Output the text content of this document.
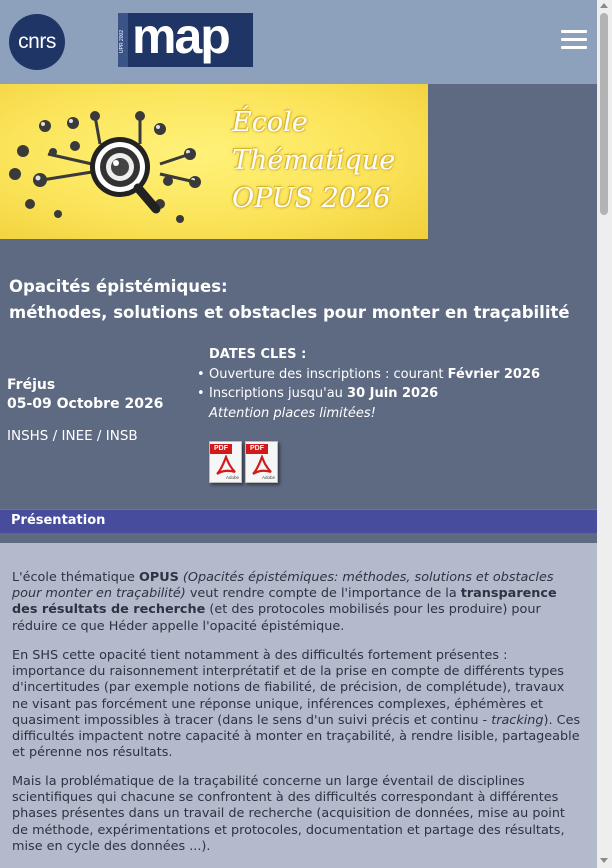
cnrs	UPR 2002 map
École
Thématique
OPUS 2026
Opacités épistémiques:
méthodes, solutions et obstacles pour monter en traçabilité
Fréjus
05-09 Octobre 2026
INSHS / INEE / INSB
DATES CLES :
• Ouverture des inscriptions : courant Février 2026
• Inscriptions jusqu'au 30 Juin 2026
Attention places limitées!
PDF
Adobe
PDF
Adobe
Présentation

L'école thématique OPUS (Opacités épistémiques: méthodes, solutions et obstacles pour monter en traçabilité) veut rendre compte de l'importance de la transparence des résultats de recherche (et des protocoles mobilisés pour les produire) pour réduire ce que Héder appelle l'opacité épistémique.

En SHS cette opacité tient notamment à des difficultés fortement présentes : importance du raisonnement interprétatif et de la prise en compte de différents types d'incertitudes (par exemple notions de fiabilité, de précision, de complétude), travaux ne visant pas forcément une réponse unique, inférences complexes, éphémères et quasiment impossibles à tracer (dans le sens d'un suivi précis et continu - tracking). Ces difficultés impactent notre capacité à monter en traçabilité, à rendre lisible, partageable et pérenne nos résultats.

Mais la problématique de la traçabilité concerne un large éventail de disciplines scientifiques qui chacune se confrontent à des difficultés correspondant à différentes phases présentes dans un travail de recherche (acquisition de données, mise au point de méthode, expérimentations et protocoles, documentation et partage des résultats, mise en cycle des données ...).
